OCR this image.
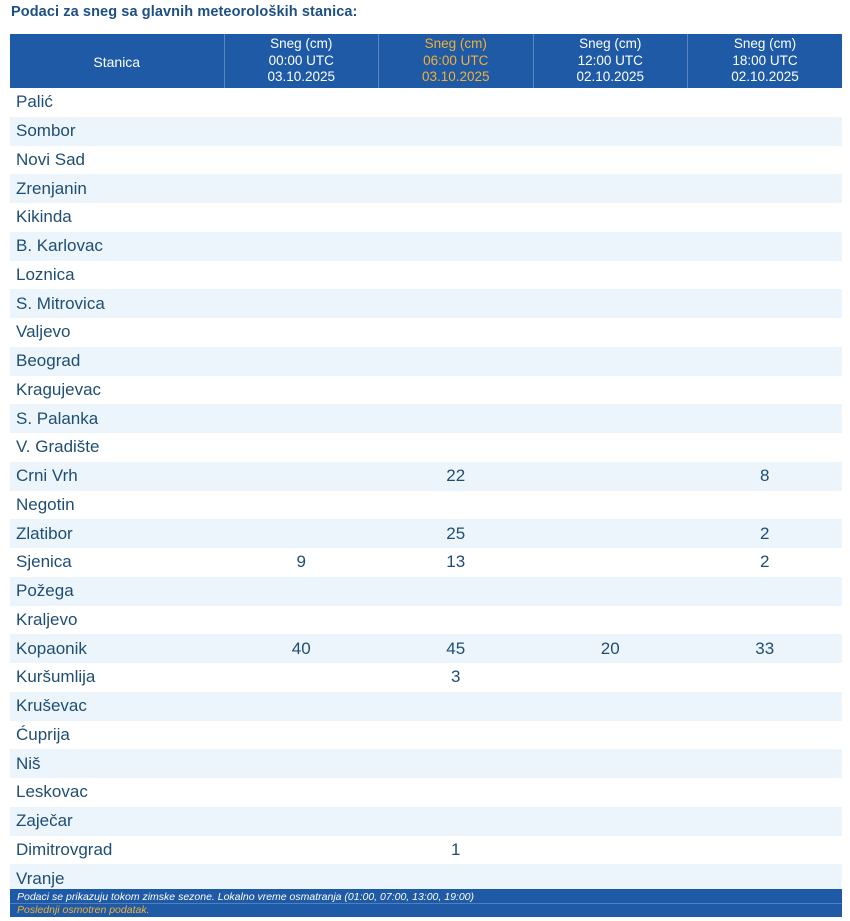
Podaci za sneg sa glavnih meteoroloških stanica:
Stanica	Sneg (cm)
00:00 UTC
03.10.2025	Sneg (cm)
06:00 UTC
03.10.2025	Sneg (cm)
12:00 UTC
02.10.2025	Sneg (cm)
18:00 UTC
02.10.2025

Palić				
Sombor				
Novi Sad				
Zrenjanin				
Kikinda				
B. Karlovac				
Loznica				
S. Mitrovica				
Valjevo				
Beograd				
Kragujevac				
S. Palanka				
V. Gradište				
Crni Vrh		22		8
Negotin				
Zlatibor		25		2
Sjenica	9	13		2
Požega				
Kraljevo				
Kopaonik	40	45	20	33
Kuršumlija		3		
Kruševac				
Ćuprija				
Niš				
Leskovac				
Zaječar				
Dimitrovgrad		1		
Vranje				
Podaci se prikazuju tokom zimske sezone. Lokalno vreme osmatranja (01:00, 07:00, 13:00, 19:00)
Poslednji osmotren podatak.
